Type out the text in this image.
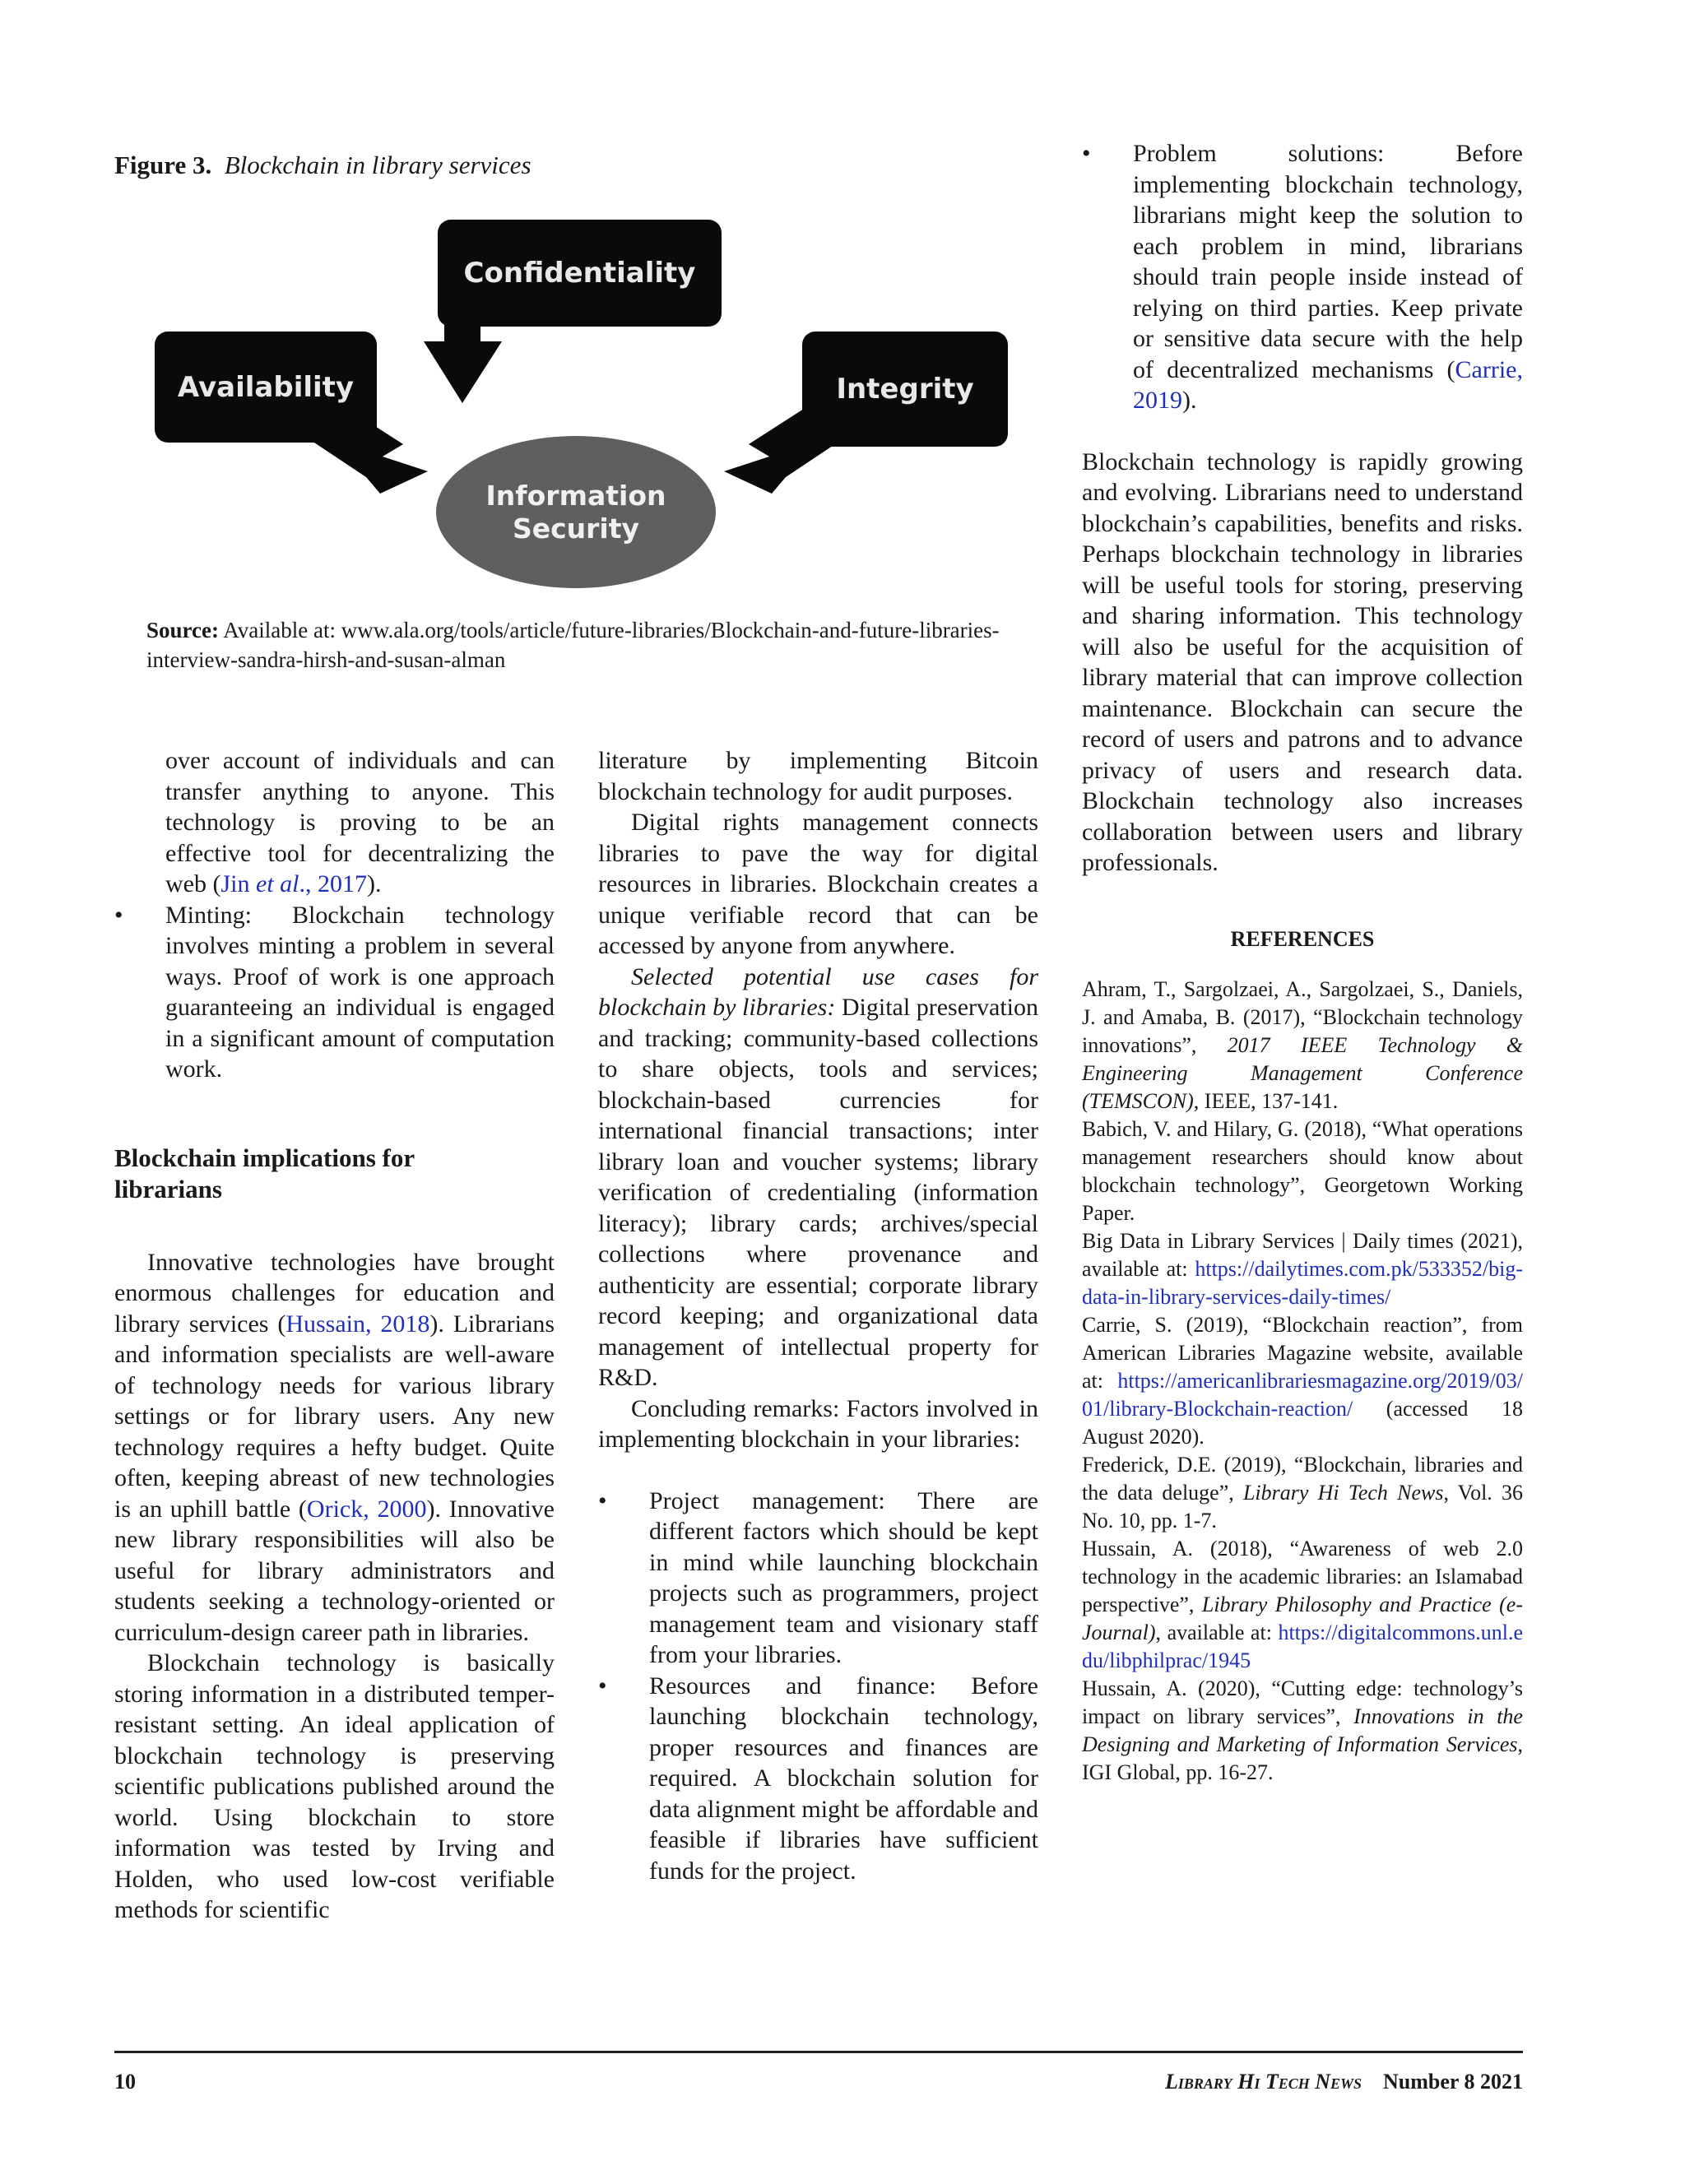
Figure 3. Blockchain in library services
Confidentiality
Availability	Integrity
Information
Security
Source: Available at: www.ala.org/tools/article/future-libraries/Blockchain-and-future-libraries-interview-sandra-hirsh-and-susan-alman
over account of individuals and can transfer anything to anyone. This technology is proving to be an effective tool for decentralizing the web (Jin et al., 2017).
• Minting: Blockchain technology involves minting a problem in several ways. Proof of work is one approach guaranteeing an individual is engaged in a significant amount of computation work.
Blockchain implications for
librarians

Innovative technologies have brought enormous challenges for education and library services (Hussain, 2018). Librarians and information specialists are well-aware of technology needs for various library settings or for library users. Any new technology requires a hefty budget. Quite often, keeping abreast of new technologies is an uphill battle (Orick, 2000). Innovative new library responsibilities will also be useful for library administrators and students seeking a technology-oriented or curriculum-design career path in libraries.

Blockchain technology is basically storing information in a distributed temper-resistant setting. An ideal application of blockchain technology is preserving scientific publications published around the world. Using blockchain to store information was tested by Irving and Holden, who used low-cost verifiable methods for scientific

literature by implementing Bitcoin blockchain technology for audit purposes.

Digital rights management connects libraries to pave the way for digital resources in libraries. Blockchain creates a unique verifiable record that can be accessed by anyone from anywhere.

Selected potential use cases for blockchain by libraries: Digital preservation and tracking; community-based collections to share objects, tools and services; blockchain-based currencies for international financial transactions; inter library loan and voucher systems; library verification of credentialing (information literacy); library cards; archives/special collections where provenance and authenticity are essential; corporate library record keeping; and organizational data management of intellectual property for R&D.

Concluding remarks: Factors involved in implementing blockchain in your libraries:

• Project management: There are different factors which should be kept in mind while launching blockchain projects such as programmers, project management team and visionary staff from your libraries.
• Resources and finance: Before launching blockchain technology, proper resources and finances are required. A blockchain solution for data alignment might be affordable and feasible if libraries have sufficient funds for the project.
• Problem solutions: Before implementing blockchain technology, librarians might keep the solution to each problem in mind, librarians should train people inside instead of relying on third parties. Keep private or sensitive data secure with the help of decentralized mechanisms (Carrie, 2019).

Blockchain technology is rapidly growing and evolving. Librarians need to understand blockchain’s capabilities, benefits and risks. Perhaps blockchain technology in libraries will be useful tools for storing, preserving and sharing information. This technology will also be useful for the acquisition of library material that can improve collection maintenance. Blockchain can secure the record of users and patrons and to advance privacy of users and research data. Blockchain technology also increases collaboration between users and library professionals.

REFERENCES

Ahram, T., Sargolzaei, A., Sargolzaei, S., Daniels, J. and Amaba, B. (2017), “Blockchain technology innovations”, 2017 IEEE Technology & Engineering Management Conference (TEMSCON), IEEE, 137-141.

Babich, V. and Hilary, G. (2018), “What operations management researchers should know about blockchain technology”, Georgetown Working Paper.

Big Data in Library Services | Daily times (2021), available at: https://dailytimes.com.pk/533352/big-data-in-library-services-daily-times/

Carrie, S. (2019), “Blockchain reaction”, from American Libraries Magazine website, available at: https://americanlibrariesmagazine.org/2019/03/01/library-Blockchain-reaction/ (accessed 18 August 2020).

Frederick, D.E. (2019), “Blockchain, libraries and the data deluge”, Library Hi Tech News, Vol. 36 No. 10, pp. 1-7.

Hussain, A. (2018), “Awareness of web 2.0 technology in the academic libraries: an Islamabad perspective”, Library Philosophy and Practice (e-Journal), available at: https://digitalcommons.unl.edu/libphilprac/1945

Hussain, A. (2020), “Cutting edge: technology’s impact on library services”, Innovations in the Designing and Marketing of Information Services, IGI Global, pp. 16-27.

10	Library Hi Tech News Number 8 2021
